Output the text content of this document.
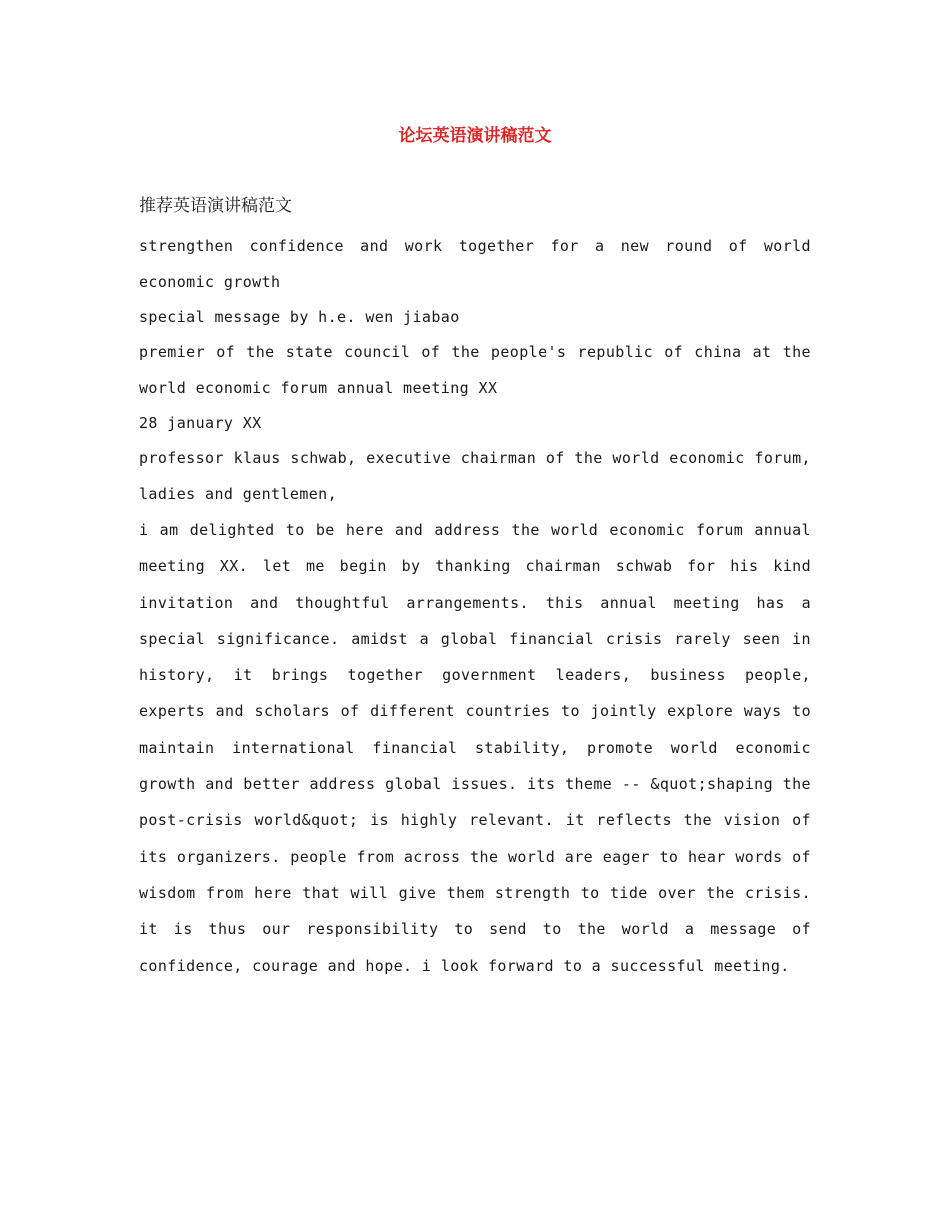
论坛英语演讲稿范文

推荐英语演讲稿范文

strengthen confidence and work together for a new round of world economic growth

special message by h.e. wen jiabao

premier of the state council of the people's republic of china at the world economic forum annual meeting XX

28 january XX

professor klaus schwab, executive chairman of the world economic forum, ladies and gentlemen,

i am delighted to be here and address the world economic forum annual meeting XX. let me begin by thanking chairman schwab for his kind invitation and thoughtful arrangements. this annual meeting has a special significance. amidst a global financial crisis rarely seen in history, it brings together government leaders, business people, experts and scholars of different countries to jointly explore ways to maintain international financial stability, promote world economic growth and better address global issues. its theme -- &quot;shaping the post-crisis world&quot; is highly relevant. it reflects the vision of its organizers. people from across the world are eager to hear words of wisdom from here that will give them strength to tide over the crisis. it is thus our responsibility to send to the world a message of confidence, courage and hope. i look forward to a successful meeting.
